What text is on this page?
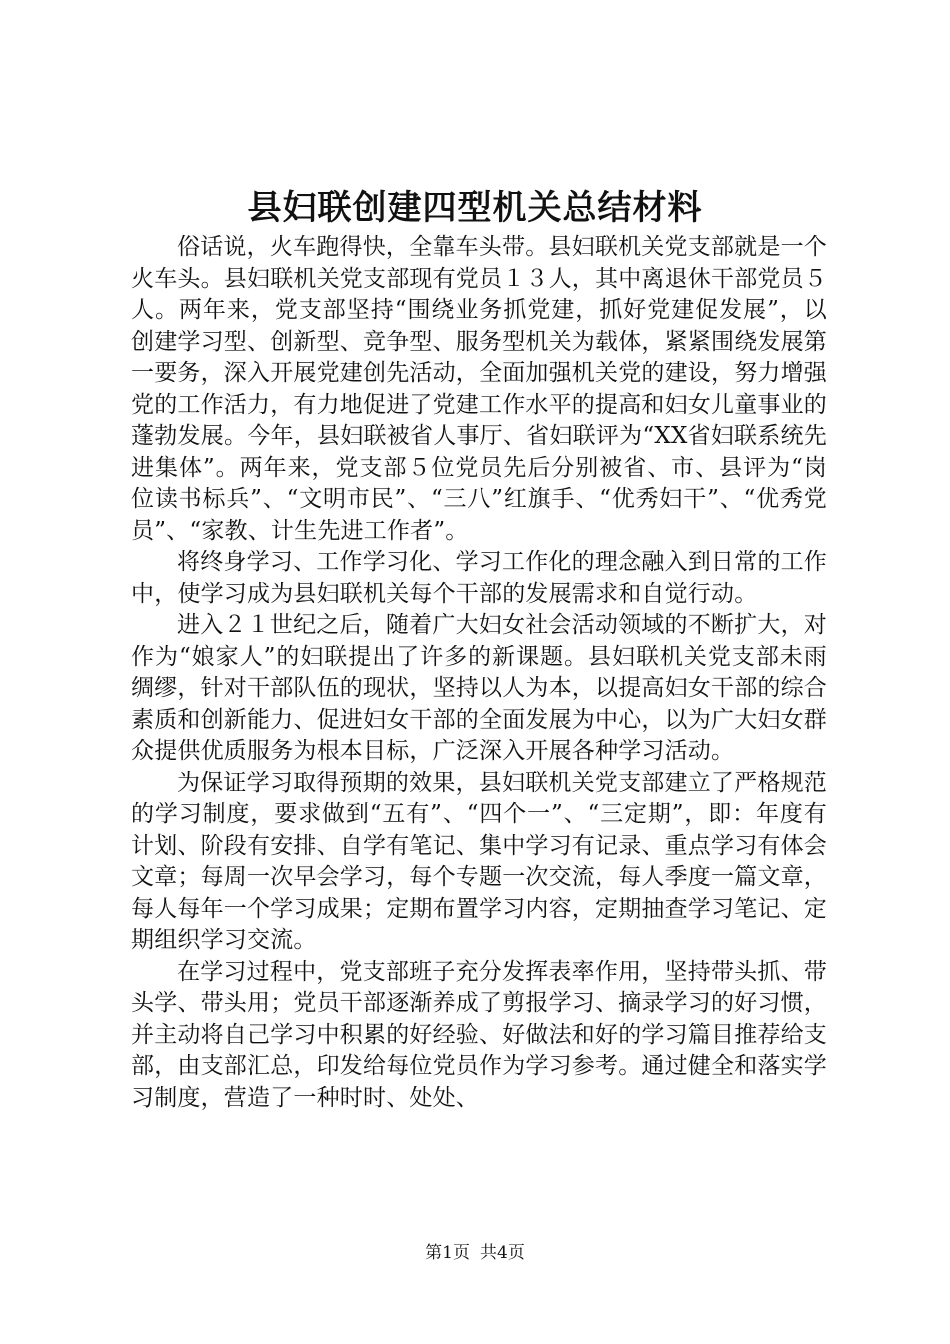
县妇联创建四型机关总结材料

俗话说，火车跑得快，全靠车头带。县妇联机关党支部就是一个火车头。县妇联机关党支部现有党员１３人，其中离退休干部党员５人。两年来，党支部坚持“围绕业务抓党建，抓好党建促发展”，以创建学习型、创新型、竞争型、服务型机关为载体，紧紧围绕发展第一要务，深入开展党建创先活动，全面加强机关党的建设，努力增强党的工作活力，有力地促进了党建工作水平的提高和妇女儿童事业的蓬勃发展。今年，县妇联被省人事厅、省妇联评为“XX省妇联系统先进集体”。两年来，党支部５位党员先后分别被省、市、县评为“岗位读书标兵”、“文明市民”、“三八”红旗手、“优秀妇干”、“优秀党员”、“家教、计生先进工作者”。

将终身学习、工作学习化、学习工作化的理念融入到日常的工作中，使学习成为县妇联机关每个干部的发展需求和自觉行动。

进入２１世纪之后，随着广大妇女社会活动领域的不断扩大，对作为“娘家人”的妇联提出了许多的新课题。县妇联机关党支部未雨绸缪，针对干部队伍的现状，坚持以人为本，以提高妇女干部的综合素质和创新能力、促进妇女干部的全面发展为中心，以为广大妇女群众提供优质服务为根本目标，广泛深入开展各种学习活动。

为保证学习取得预期的效果，县妇联机关党支部建立了严格规范的学习制度，要求做到“五有”、“四个一”、“三定期”，即：年度有计划、阶段有安排、自学有笔记、集中学习有记录、重点学习有体会文章；每周一次早会学习，每个专题一次交流，每人季度一篇文章，每人每年一个学习成果；定期布置学习内容，定期抽查学习笔记、定期组织学习交流。

在学习过程中，党支部班子充分发挥表率作用，坚持带头抓、带头学、带头用；党员干部逐渐养成了剪报学习、摘录学习的好习惯，并主动将自己学习中积累的好经验、好做法和好的学习篇目推荐给支部，由支部汇总，印发给每位党员作为学习参考。通过健全和落实学习制度，营造了一种时时、处处、

第1页 共4页
